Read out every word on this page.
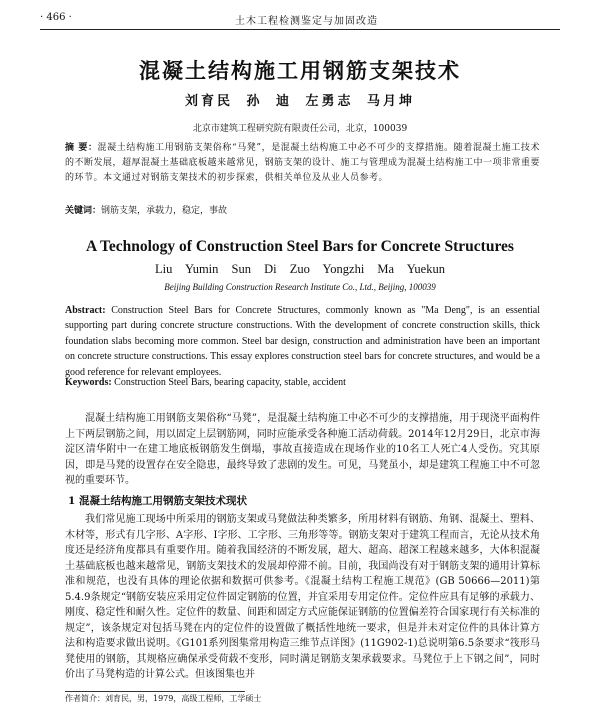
· 466 ·	土木工程检测鉴定与加固改造
混凝土结构施工用钢筋支架技术
刘育民 孙 迪 左勇志 马月坤
北京市建筑工程研究院有限责任公司，北京，100039
摘 要：混凝土结构施工用钢筋支架俗称“马凳”，是混凝土结构施工中必不可少的支撑措施。随着混凝土施工技术的不断发展，超厚混凝土基础底板越来越常见，钢筋支架的设计、施工与管理成为混凝土结构施工中一项非常重要的环节。本文通过对钢筋支架技术的初步探索，供相关单位及从业人员参考。
关键词：钢筋支架，承载力，稳定，事故
A Technology of Construction Steel Bars for Concrete Structures
Liu Yumin Sun Di Zuo Yongzhi Ma Yuekun
Beijing Building Construction Research Institute Co., Ltd., Beijing, 100039
Abstract: Construction Steel Bars for Concrete Structures, commonly known as "Ma Deng", is an essential supporting part during concrete structure constructions. With the development of concrete construction skills, thick foundation slabs becoming more common. Steel bar design, construction and administration have been an important on concrete structure constructions. This essay explores construction steel bars for concrete structures, and would be a good reference for relevant employees.
Keywords: Construction Steel Bars, bearing capacity, stable, accident
混凝土结构施工用钢筋支架俗称“马凳”，是混凝土结构施工中必不可少的支撑措施，用于现浇平面构件上下两层钢筋之间，用以固定上层钢筋网，同时应能承受各种施工活动荷载。2014年12月29日，北京市海淀区清华附中一在建工地底板钢筋发生倒塌，事故直接造成在现场作业的10名工人死亡4人受伤。究其原因，即是马凳的设置存在安全隐患，最终导致了悲剧的发生。可见，马凳虽小，却是建筑工程施工中不可忽视的重要环节。
1 混凝土结构施工用钢筋支架技术现状
我们常见施工现场中所采用的钢筋支架或马凳做法种类繁多，所用材料有钢筋、角钢、混凝土、塑料、木材等，形式有几字形、A字形、I字形、工字形、三角形等等。钢筋支架对于建筑工程而言，无论从技术角度还是经济角度都具有重要作用。随着我国经济的不断发展，超大、超高、超深工程越来越多，大体积混凝土基础底板也越来越常见，钢筋支架技术的发展却停滞不前。目前，我国尚没有对于钢筋支架的通用计算标准和规范，也没有具体的理论依据和数据可供参考。《混凝土结构工程施工规范》(GB 50666—2011)第5.4.9条规定“钢筋安装应采用定位件固定钢筋的位置，并宜采用专用定位件。定位件应具有足够的承载力、刚度、稳定性和耐久性。定位件的数量、间距和固定方式应能保证钢筋的位置偏差符合国家现行有关标准的规定”，该条规定对包括马凳在内的定位件的设置做了概括性地统一要求，但是并未对定位件的具体计算方法和构造要求做出说明。《G101系列图集常用构造三维节点详图》(11G902-1)总说明第6.5条要求“筏形马凳使用的钢筋，其规格应确保承受荷载不变形，同时满足钢筋支架承载要求。马凳位于上下钢之间”，同时价出了马凳构造的计算公式。但该图集也并
作者简介：刘育民，男，1979，高级工程师，工学硕士
